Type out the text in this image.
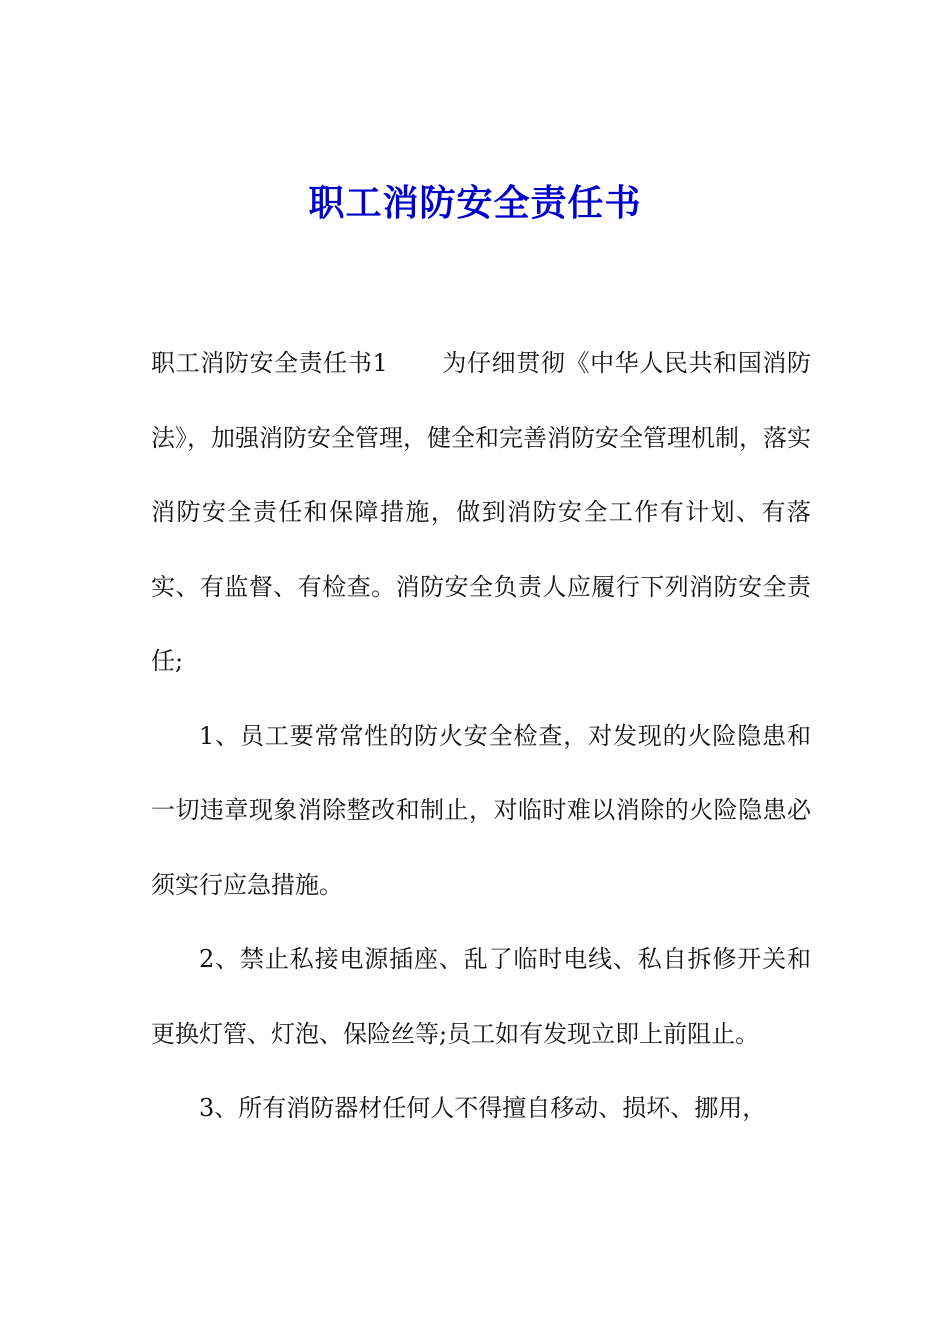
职工消防安全责任书

职工消防安全责任书1 为仔细贯彻《中华人民共和国消防法》，加强消防安全管理，健全和完善消防安全管理机制，落实消防安全责任和保障措施，做到消防安全工作有计划、有落实、有监督、有检查。消防安全负责人应履行下列消防安全责任;

1、员工要常常性的防火安全检查，对发现的火险隐患和一切违章现象消除整改和制止，对临时难以消除的火险隐患必须实行应急措施。

2、禁止私接电源插座、乱了临时电线、私自拆修开关和更换灯管、灯泡、保险丝等;员工如有发现立即上前阻止。

3、所有消防器材任何人不得擅自移动、损坏、挪用，
